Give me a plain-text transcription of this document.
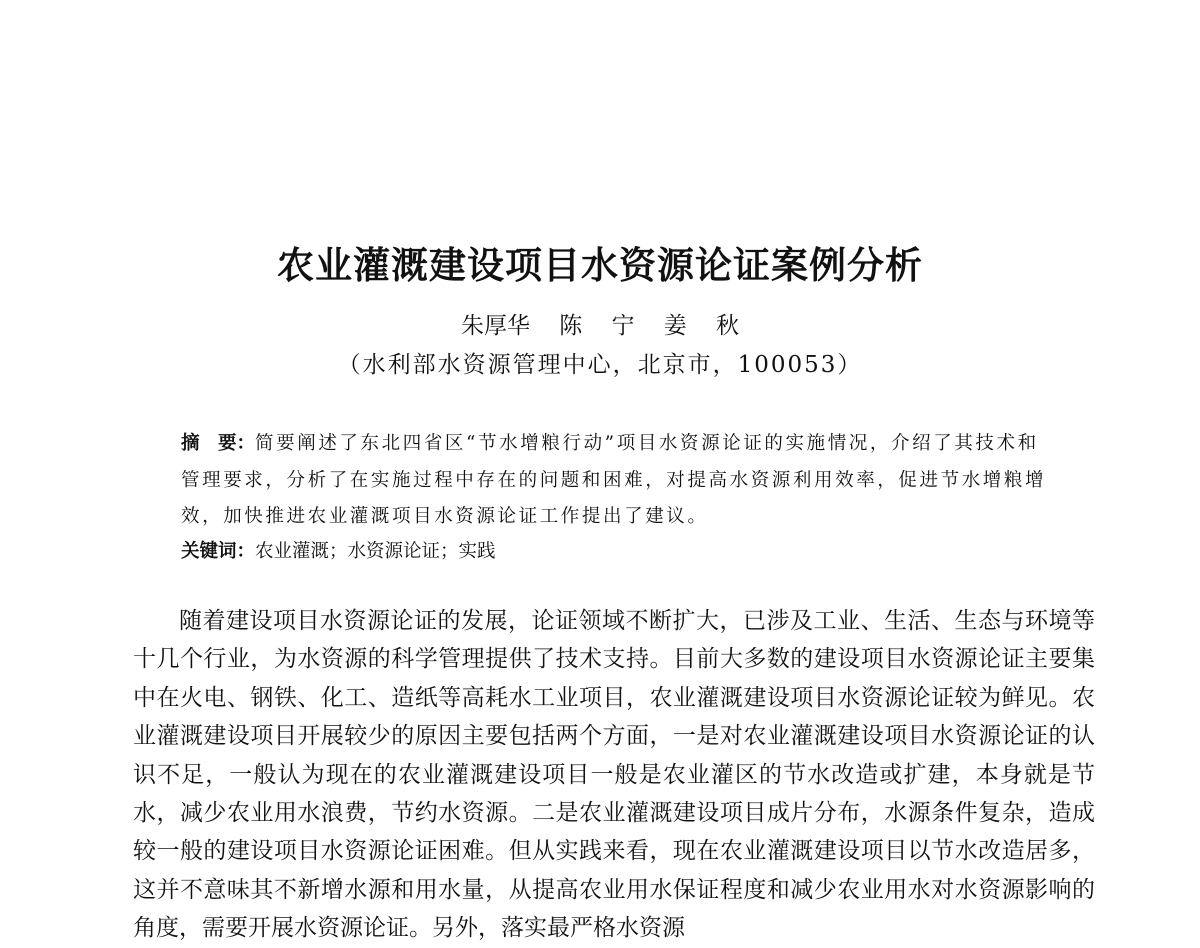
农业灌溉建设项目水资源论证案例分析
朱厚华    陈    宁    姜    秋
（水利部水资源管理中心，北京市，100053）
摘　要：简要阐述了东北四省区“节水增粮行动”项目水资源论证的实施情况，介绍了其技术和管理要求，分析了在实施过程中存在的问题和困难，对提高水资源利用效率，促进节水增粮增效，加快推进农业灌溉项目水资源论证工作提出了建议。
关键词：农业灌溉；水资源论证；实践

随着建设项目水资源论证的发展，论证领域不断扩大，已涉及工业、生活、生态与环境等十几个行业，为水资源的科学管理提供了技术支持。目前大多数的建设项目水资源论证主要集中在火电、钢铁、化工、造纸等高耗水工业项目，农业灌溉建设项目水资源论证较为鲜见。农业灌溉建设项目开展较少的原因主要包括两个方面，一是对农业灌溉建设项目水资源论证的认识不足，一般认为现在的农业灌溉建设项目一般是农业灌区的节水改造或扩建，本身就是节水，减少农业用水浪费，节约水资源。二是农业灌溉建设项目成片分布，水源条件复杂，造成较一般的建设项目水资源论证困难。但从实践来看，现在农业灌溉建设项目以节水改造居多，这并不意味其不新增水源和用水量，从提高农业用水保证程度和减少农业用水对水资源影响的角度，需要开展水资源论证。另外，落实最严格水资源
